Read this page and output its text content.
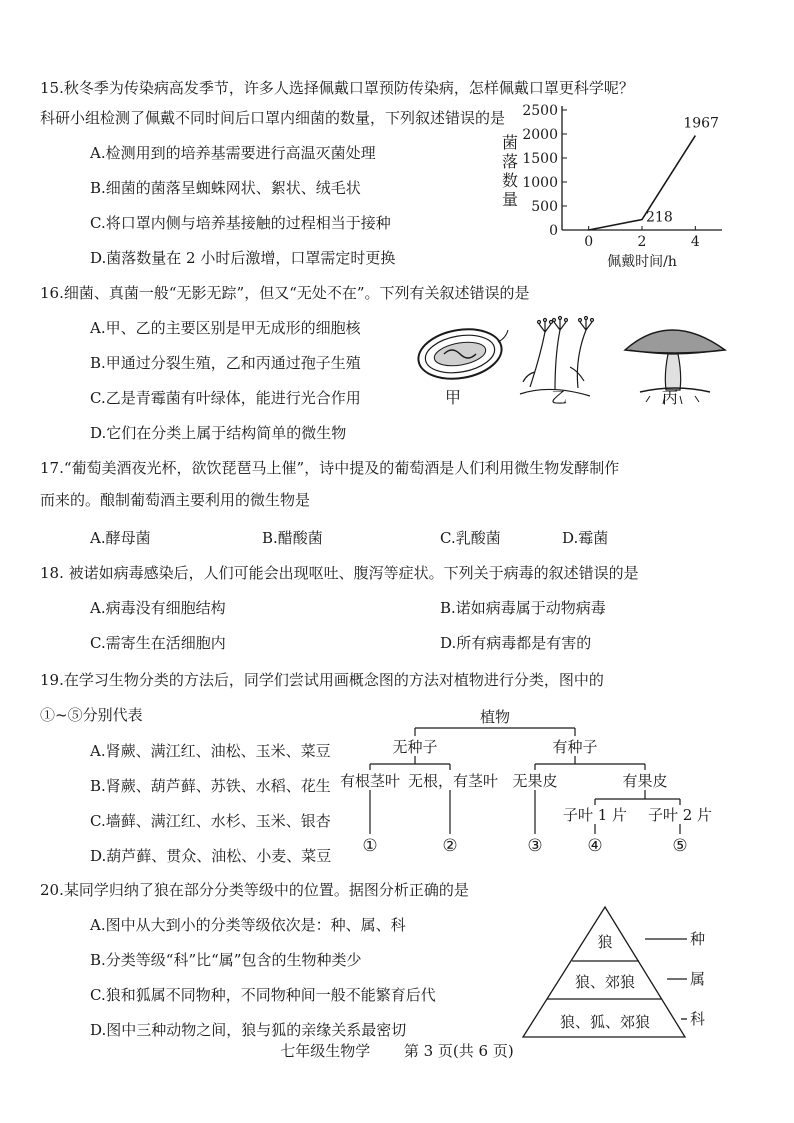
15.秋冬季为传染病高发季节，许多人选择佩戴口罩预防传染病，怎样佩戴口罩更科学呢？
科研小组检测了佩戴不同时间后口罩内细菌的数量，下列叙述错误的是
A.检测用到的培养基需要进行高温灭菌处理
B.细菌的菌落呈蜘蛛网状、絮状、绒毛状
C.将口罩内侧与培养基接触的过程相当于接种
D.菌落数量在 2 小时后激增，口罩需定时更换
0
500
1000
1500
2000
2500
0	2	4
菌
落
数
量
佩戴时间/h
218
1967
16.细菌、真菌一般“无影无踪”，但又“无处不在”。下列有关叙述错误的是
A.甲、乙的主要区别是甲无成形的细胞核
B.甲通过分裂生殖，乙和丙通过孢子生殖
C.乙是青霉菌有叶绿体，能进行光合作用
D.它们在分类上属于结构简单的微生物
甲	乙	丙
17.“葡萄美酒夜光杯，欲饮琵琶马上催”，诗中提及的葡萄酒是人们利用微生物发酵制作
而来的。酿制葡萄酒主要利用的微生物是
A.酵母菌	B.醋酸菌	C.乳酸菌	D.霉菌
18. 被诺如病毒感染后，人们可能会出现呕吐、腹泻等症状。下列关于病毒的叙述错误的是
A.病毒没有细胞结构	B.诺如病毒属于动物病毒
C.需寄生在活细胞内	D.所有病毒都是有害的
19.在学习生物分类的方法后，同学们尝试用画概念图的方法对植物进行分类，图中的
①~⑤分别代表
A.肾蕨、满江红、油松、玉米、菜豆
B.肾蕨、葫芦藓、苏铁、水稻、花生
C.墙藓、满江红、水杉、玉米、银杏
D.葫芦藓、贯众、油松、小麦、菜豆
植物
无种子	有种子
有根茎叶 无根，有茎叶 无果皮	有果皮
子叶 1 片 子叶 2 片
①	②	③	④	⑤
20.某同学归纳了狼在部分分类等级中的位置。据图分析正确的是
A.图中从大到小的分类等级依次是：种、属、科
B.分类等级“科”比“属”包含的生物种类少
C.狼和狐属不同物种，不同物种间一般不能繁育后代
D.图中三种动物之间，狼与狐的亲缘关系最密切
狼
狼、郊狼
狼、狐、郊狼
种
属
科
七年级生物学 第 3 页(共 6 页)
